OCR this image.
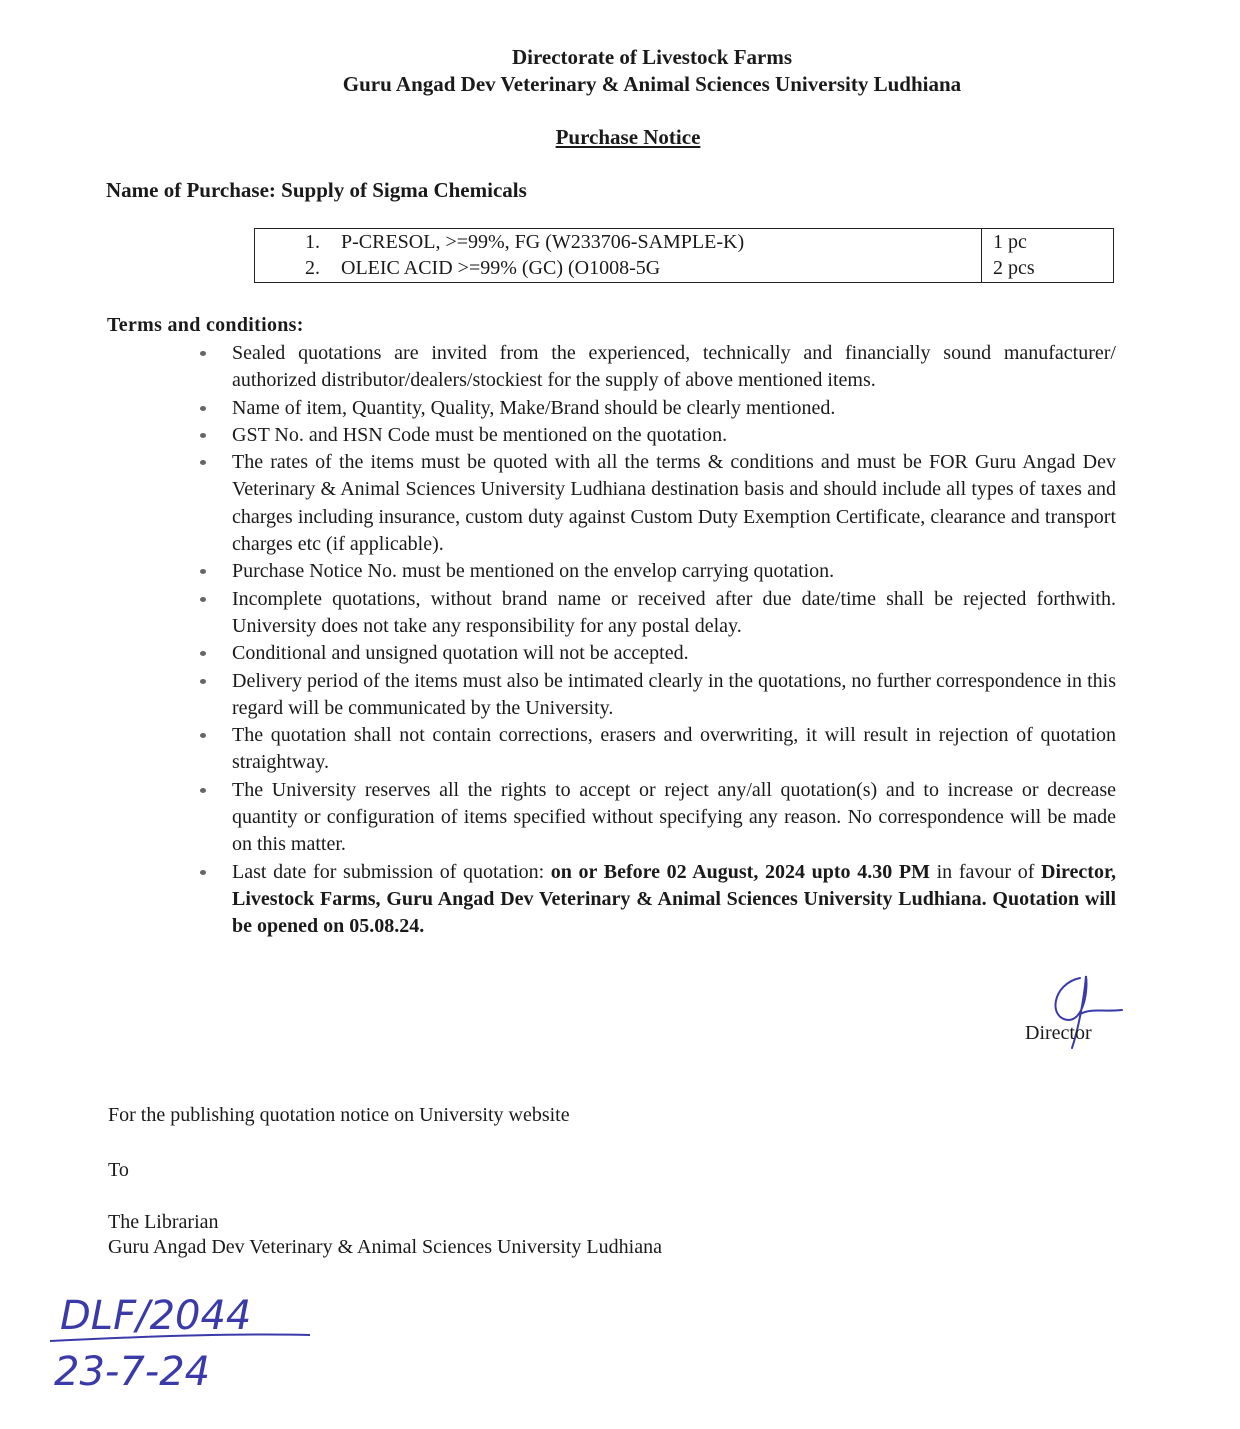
Directorate of Livestock Farms
Guru Angad Dev Veterinary & Animal Sciences University Ludhiana
Purchase Notice
Name of Purchase: Supply of Sigma Chemicals
1. P-CRESOL, >=99%, FG (W233706-SAMPLE-K)	1 pc
2. OLEIC ACID >=99% (GC) (O1008-5G	2 pcs
Terms and conditions:
Sealed quotations are invited from the experienced, technically and financially sound manufacturer/ authorized distributor/dealers/stockiest for the supply of above mentioned items.
Name of item, Quantity, Quality, Make/Brand should be clearly mentioned.
GST No. and HSN Code must be mentioned on the quotation.
The rates of the items must be quoted with all the terms & conditions and must be FOR Guru Angad Dev Veterinary & Animal Sciences University Ludhiana destination basis and should include all types of taxes and charges including insurance, custom duty against Custom Duty Exemption Certificate, clearance and transport charges etc (if applicable).
Purchase Notice No. must be mentioned on the envelop carrying quotation.
Incomplete quotations, without brand name or received after due date/time shall be rejected forthwith. University does not take any responsibility for any postal delay.
Conditional and unsigned quotation will not be accepted.
Delivery period of the items must also be intimated clearly in the quotations, no further correspondence in this regard will be communicated by the University.
The quotation shall not contain corrections, erasers and overwriting, it will result in rejection of quotation straightway.
The University reserves all the rights to accept or reject any/all quotation(s) and to increase or decrease quantity or configuration of items specified without specifying any reason. No correspondence will be made on this matter.
Last date for submission of quotation: on or Before 02 August, 2024 upto 4.30 PM in favour of Director, Livestock Farms, Guru Angad Dev Veterinary & Animal Sciences University Ludhiana. Quotation will be opened on 05.08.24.
Director
For the publishing quotation notice on University website
To
The Librarian
Guru Angad Dev Veterinary & Animal Sciences University Ludhiana
DLF/2044
23-7-24
